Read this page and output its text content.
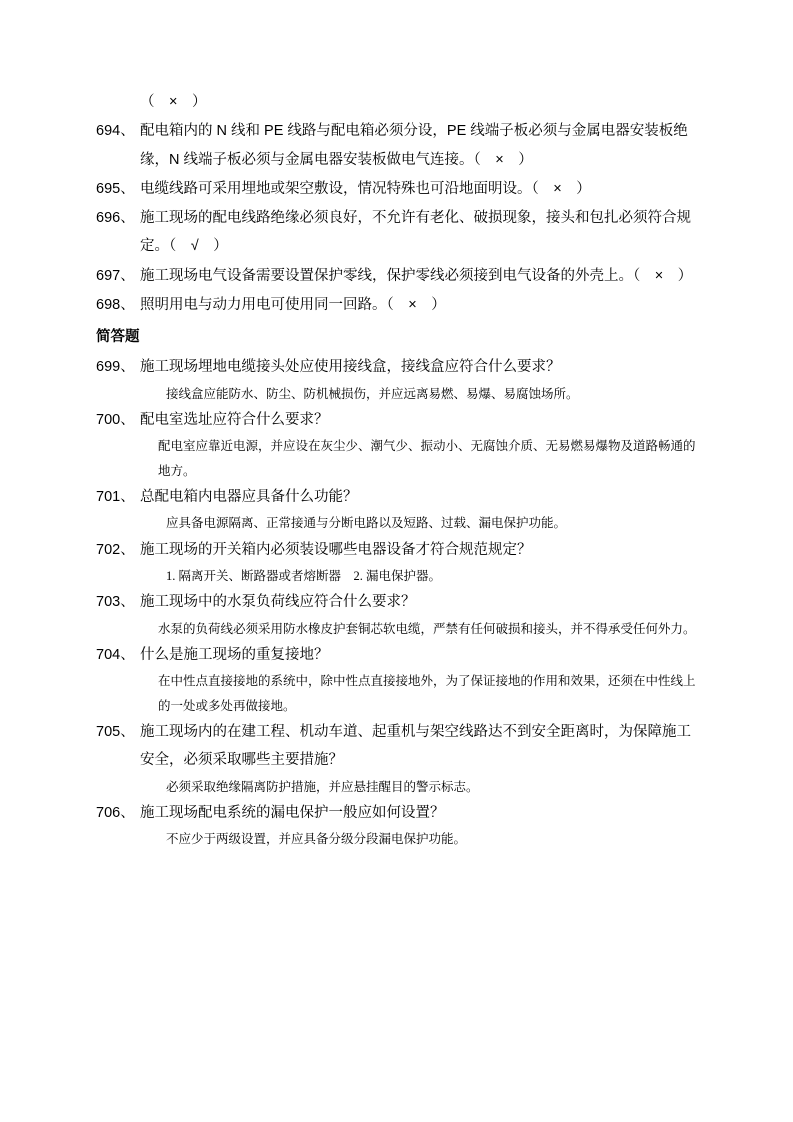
（　×　）
694、 配电箱内的 N 线和 PE 线路与配电箱必须分设，PE 线端子板必须与金属电器安装板绝缘，N 线端子板必须与金属电器安装板做电气连接。（　×　）
695、 电缆线路可采用埋地或架空敷设，情况特殊也可沿地面明设。（　×　）
696、 施工现场的配电线路绝缘必须良好，不允许有老化、破损现象，接头和包扎必须符合规定。（　√　）
697、 施工现场电气设备需要设置保护零线，保护零线必须接到电气设备的外壳上。（　×　）
698、 照明用电与动力用电可使用同一回路。（　×　）
简答题
699、 施工现场埋地电缆接头处应使用接线盒，接线盒应符合什么要求？
接线盒应能防水、防尘、防机械损伤，并应远离易燃、易爆、易腐蚀场所。
700、 配电室选址应符合什么要求？
配电室应靠近电源，并应设在灰尘少、潮气少、振动小、无腐蚀介质、无易燃易爆物及道路畅通的地方。
701、 总配电箱内电器应具备什么功能？
应具备电源隔离、正常接通与分断电路以及短路、过载、漏电保护功能。
702、 施工现场的开关箱内必须装设哪些电器设备才符合规范规定？
1. 隔离开关、断路器或者熔断器　2. 漏电保护器。
703、 施工现场中的水泵负荷线应符合什么要求？
水泵的负荷线必须采用防水橡皮护套铜芯软电缆，严禁有任何破损和接头，并不得承受任何外力。
704、 什么是施工现场的重复接地？
在中性点直接接地的系统中，除中性点直接接地外，为了保证接地的作用和效果，还须在中性线上的一处或多处再做接地。
705、 施工现场内的在建工程、机动车道、起重机与架空线路达不到安全距离时，为保障施工安全，必须采取哪些主要措施？
必须采取绝缘隔离防护措施，并应悬挂醒目的警示标志。
706、 施工现场配电系统的漏电保护一般应如何设置？
不应少于两级设置，并应具备分级分段漏电保护功能。
